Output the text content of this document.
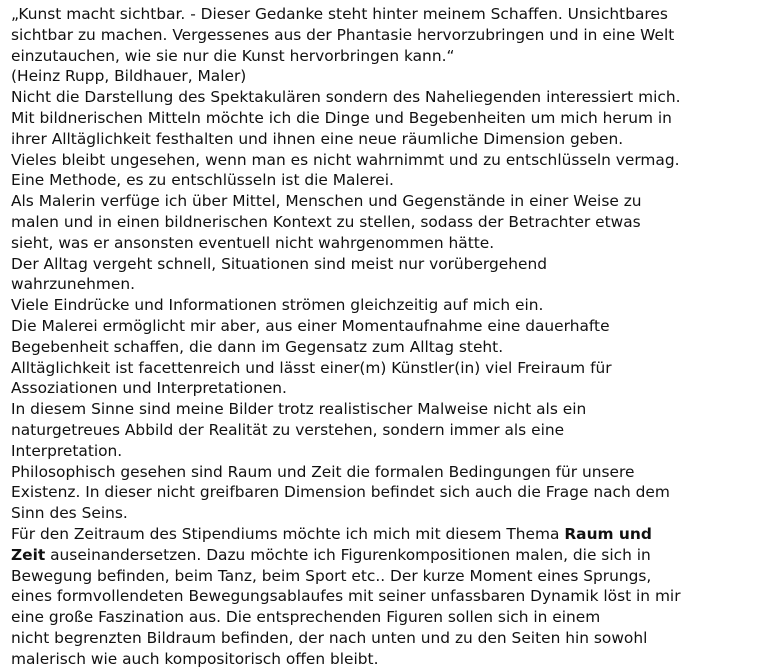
„Kunst macht sichtbar. - Dieser Gedanke steht hinter meinem Schaffen. Unsichtbares
sichtbar zu machen. Vergessenes aus der Phantasie hervorzubringen und in eine Welt
einzutauchen, wie sie nur die Kunst hervorbringen kann.“
(Heinz Rupp, Bildhauer, Maler)
Nicht die Darstellung des Spektakulären sondern des Naheliegenden interessiert mich.
Mit bildnerischen Mitteln möchte ich die Dinge und Begebenheiten um mich herum in
ihrer Alltäglichkeit festhalten und ihnen eine neue räumliche Dimension geben.
Vieles bleibt ungesehen, wenn man es nicht wahrnimmt und zu entschlüsseln vermag.
Eine Methode, es zu entschlüsseln ist die Malerei.
Als Malerin verfüge ich über Mittel, Menschen und Gegenstände in einer Weise zu
malen und in einen bildnerischen Kontext zu stellen, sodass der Betrachter etwas
sieht, was er ansonsten eventuell nicht wahrgenommen hätte.
Der Alltag vergeht schnell, Situationen sind meist nur vorübergehend
wahrzunehmen.
Viele Eindrücke und Informationen strömen gleichzeitig auf mich ein.
Die Malerei ermöglicht mir aber, aus einer Momentaufnahme eine dauerhafte
Begebenheit schaffen, die dann im Gegensatz zum Alltag steht.
Alltäglichkeit ist facettenreich und lässt einer(m) Künstler(in) viel Freiraum für
Assoziationen und Interpretationen.
In diesem Sinne sind meine Bilder trotz realistischer Malweise nicht als ein
naturgetreues Abbild der Realität zu verstehen, sondern immer als eine
Interpretation.
Philosophisch gesehen sind Raum und Zeit die formalen Bedingungen für unsere
Existenz. In dieser nicht greifbaren Dimension befindet sich auch die Frage nach dem
Sinn des Seins.
Für den Zeitraum des Stipendiums möchte ich mich mit diesem Thema Raum und
Zeit auseinandersetzen. Dazu möchte ich Figurenkompositionen malen, die sich in
Bewegung befinden, beim Tanz, beim Sport etc.. Der kurze Moment eines Sprungs,
eines formvollendeten Bewegungsablaufes mit seiner unfassbaren Dynamik löst in mir
eine große Faszination aus. Die entsprechenden Figuren sollen sich in einem
nicht begrenzten Bildraum befinden, der nach unten und zu den Seiten hin sowohl
malerisch wie auch kompositorisch offen bleibt.
